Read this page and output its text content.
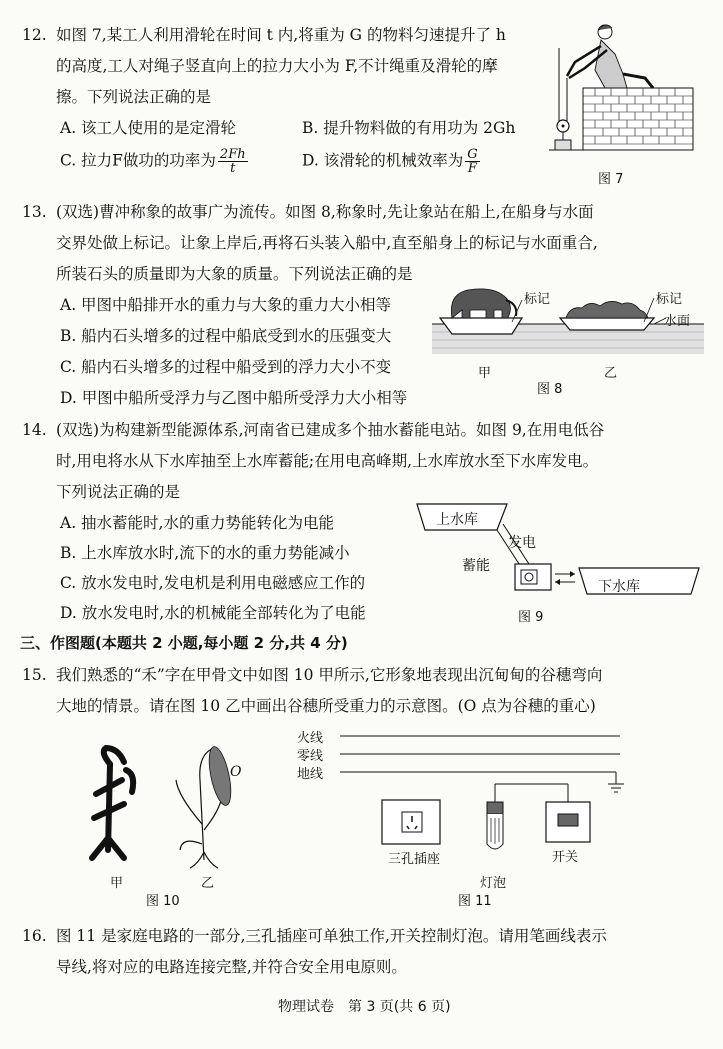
12. 如图 7,某工人利用滑轮在时间 t 内,将重为 G 的物料匀速提升了 h
的高度,工人对绳子竖直向上的拉力大小为 F,不计绳重及滑轮的摩
擦。下列说法正确的是
A. 该工人使用的是定滑轮	B. 提升物料做的有用功为 2Gh
C. 拉力F做功的功率为 $\frac{2Fh}{t}$	D. 该滑轮的机械效率为 $\frac{G}{F}$
图 7
13. (双选)曹冲称象的故事广为流传。如图 8,称象时,先让象站在船上,在船身与水面
交界处做上标记。让象上岸后,再将石头装入船中,直至船身上的标记与水面重合,
所装石头的质量即为大象的质量。下列说法正确的是
A. 甲图中船排开水的重力与大象的重力大小相等
B. 船内石头增多的过程中船底受到水的压强变大
C. 船内石头增多的过程中船受到的浮力大小不变
D. 甲图中船所受浮力与乙图中船所受浮力大小相等
标记	标记
水面
甲	乙
图 8
14. (双选)为构建新型能源体系,河南省已建成多个抽水蓄能电站。如图 9,在用电低谷
时,用电将水从下水库抽至上水库蓄能;在用电高峰期,上水库放水至下水库发电。
下列说法正确的是
A. 抽水蓄能时,水的重力势能转化为电能
B. 上水库放水时,流下的水的重力势能减小
C. 放水发电时,发电机是利用电磁感应工作的
D. 放水发电时,水的机械能全部转化为了电能
上水库
发电
蓄能
下水库
图 9
三、作图题(本题共 2 小题,每小题 2 分,共 4 分)
15. 我们熟悉的“禾”字在甲骨文中如图 10 甲所示,它形象地表现出沉甸甸的谷穗弯向
大地的情景。请在图 10 乙中画出谷穗所受重力的示意图。(O 点为谷穗的重心)
O
甲	乙
图 10
火线
零线
地线
三孔插座	开关
灯泡
图 11
16. 图 11 是家庭电路的一部分,三孔插座可单独工作,开关控制灯泡。请用笔画线表示
导线,将对应的电路连接完整,并符合安全用电原则。
物理试卷　第 3 页(共 6 页)
